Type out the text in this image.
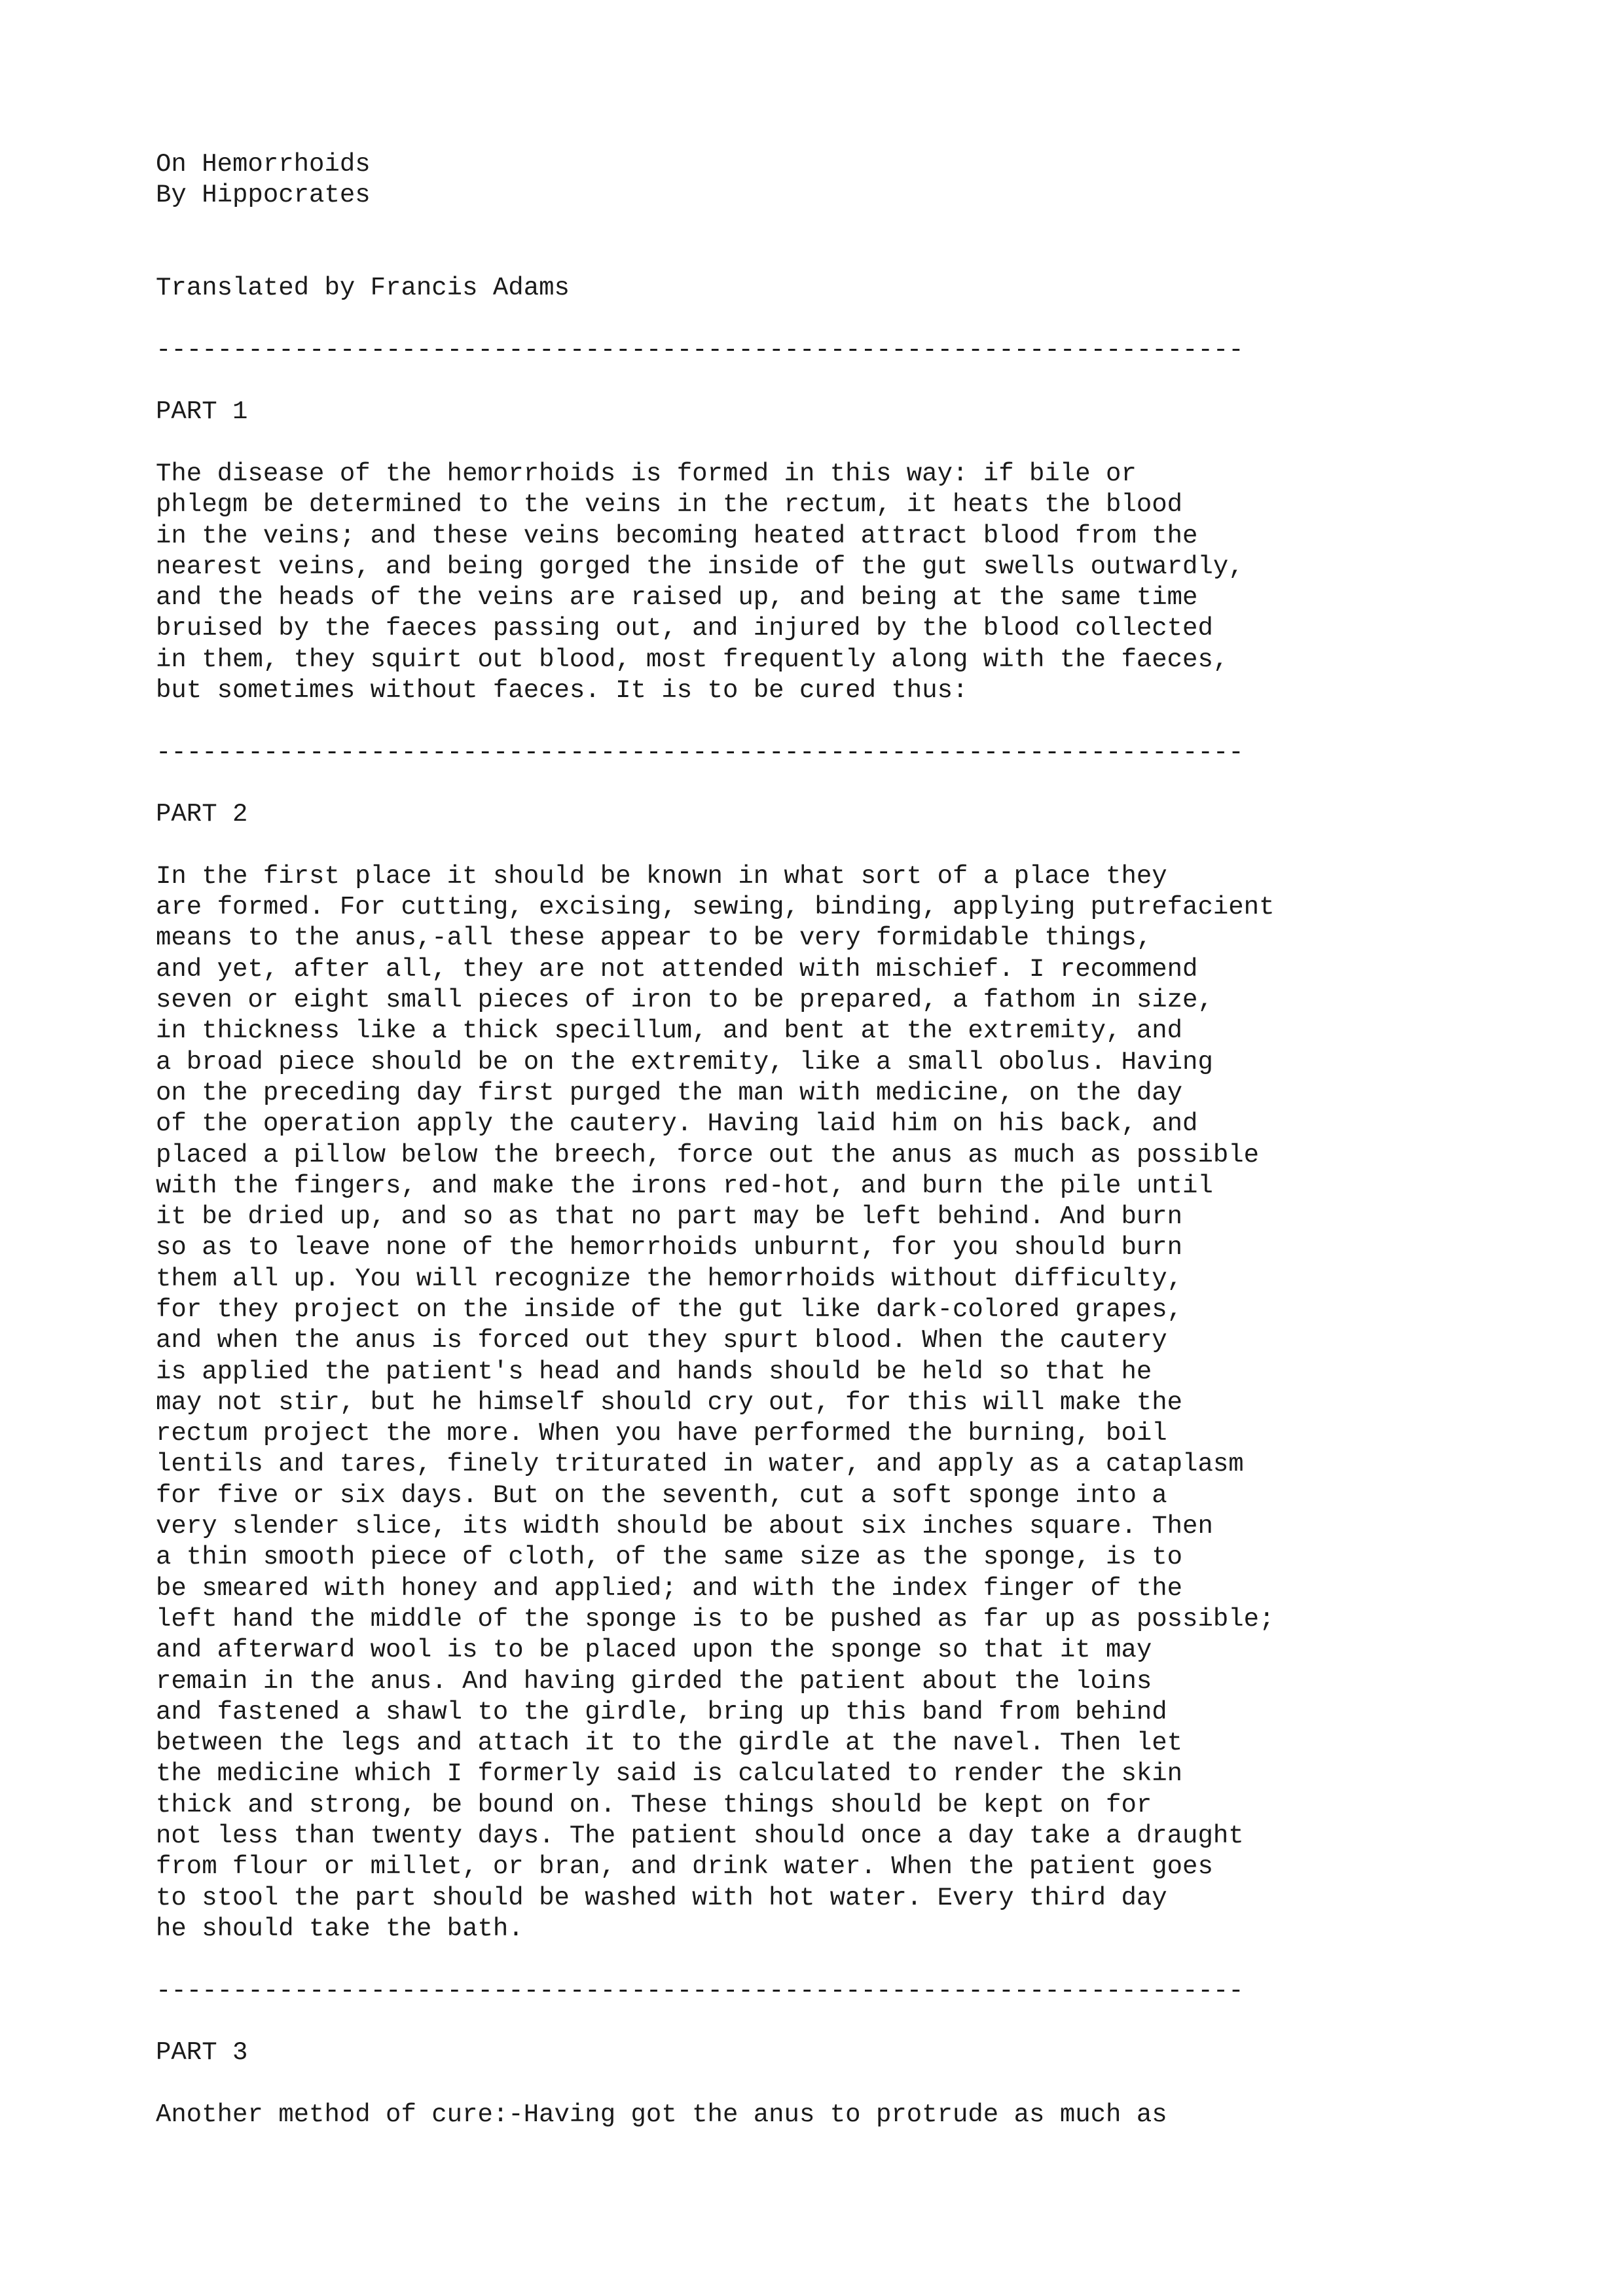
On Hemorrhoids
By Hippocrates
Translated by Francis Adams
-----------------------------------------------------------------------
PART 1
The disease of the hemorrhoids is formed in this way: if bile or
phlegm be determined to the veins in the rectum, it heats the blood
in the veins; and these veins becoming heated attract blood from the
nearest veins, and being gorged the inside of the gut swells outwardly,
and the heads of the veins are raised up, and being at the same time
bruised by the faeces passing out, and injured by the blood collected
in them, they squirt out blood, most frequently along with the faeces,
but sometimes without faeces. It is to be cured thus:
-----------------------------------------------------------------------
PART 2
In the first place it should be known in what sort of a place they
are formed. For cutting, excising, sewing, binding, applying putrefacient
means to the anus,-all these appear to be very formidable things,
and yet, after all, they are not attended with mischief. I recommend
seven or eight small pieces of iron to be prepared, a fathom in size,
in thickness like a thick specillum, and bent at the extremity, and
a broad piece should be on the extremity, like a small obolus. Having
on the preceding day first purged the man with medicine, on the day
of the operation apply the cautery. Having laid him on his back, and
placed a pillow below the breech, force out the anus as much as possible
with the fingers, and make the irons red-hot, and burn the pile until
it be dried up, and so as that no part may be left behind. And burn
so as to leave none of the hemorrhoids unburnt, for you should burn
them all up. You will recognize the hemorrhoids without difficulty,
for they project on the inside of the gut like dark-colored grapes,
and when the anus is forced out they spurt blood. When the cautery
is applied the patient's head and hands should be held so that he
may not stir, but he himself should cry out, for this will make the
rectum project the more. When you have performed the burning, boil
lentils and tares, finely triturated in water, and apply as a cataplasm
for five or six days. But on the seventh, cut a soft sponge into a
very slender slice, its width should be about six inches square. Then
a thin smooth piece of cloth, of the same size as the sponge, is to
be smeared with honey and applied; and with the index finger of the
left hand the middle of the sponge is to be pushed as far up as possible;
and afterward wool is to be placed upon the sponge so that it may
remain in the anus. And having girded the patient about the loins
and fastened a shawl to the girdle, bring up this band from behind
between the legs and attach it to the girdle at the navel. Then let
the medicine which I formerly said is calculated to render the skin
thick and strong, be bound on. These things should be kept on for
not less than twenty days. The patient should once a day take a draught
from flour or millet, or bran, and drink water. When the patient goes
to stool the part should be washed with hot water. Every third day
he should take the bath.
-----------------------------------------------------------------------
PART 3
Another method of cure:-Having got the anus to protrude as much as
